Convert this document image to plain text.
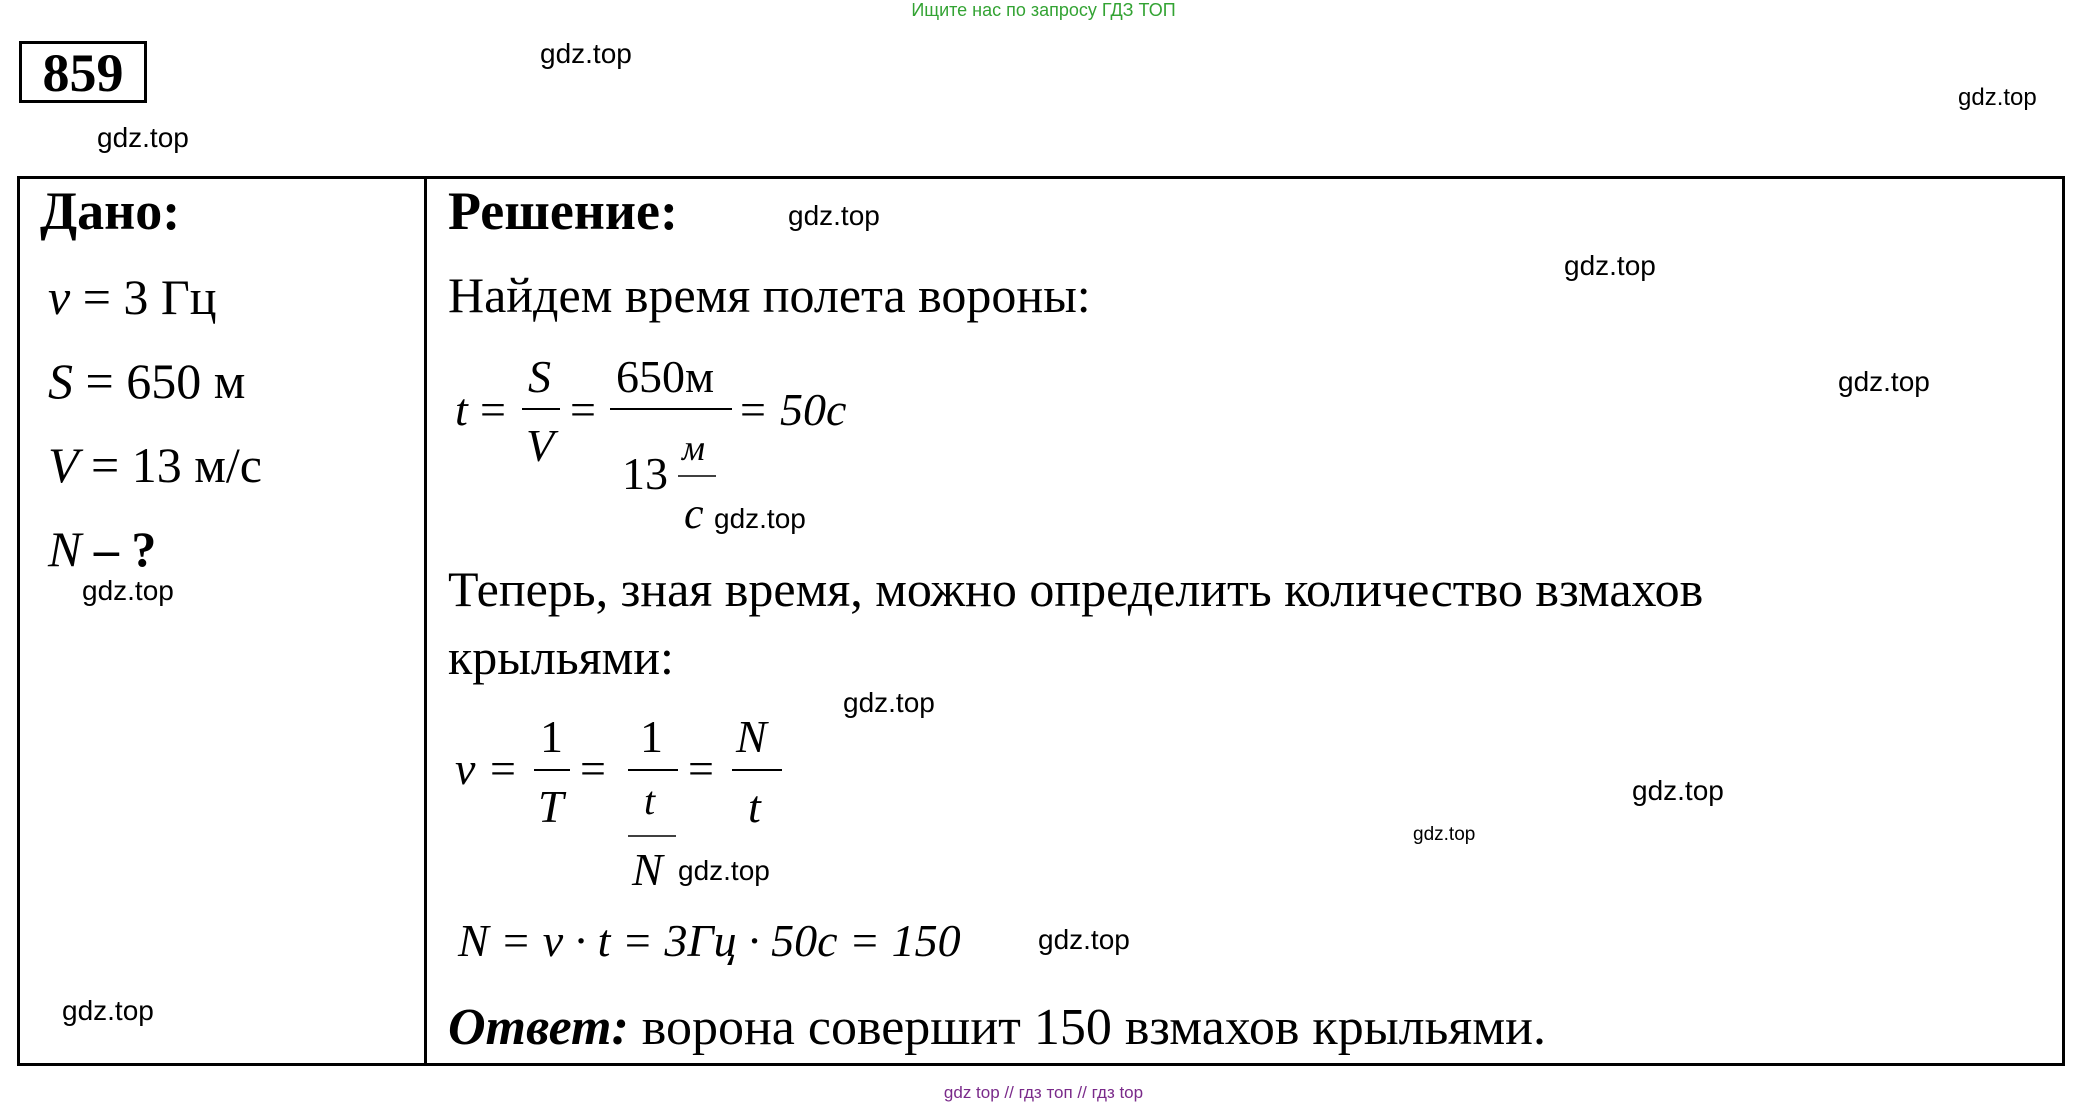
Ищите нас по запросу ГДЗ ТОП
859	gdz.top
gdz.top
gdz.top
Дано:
ν = 3 Гц
S = 650 м
V = 13 м/с
N – ?
gdz.top
gdz.top
Решение:	gdz.top
Найдем время полета вороны:
gdz.top
gdz.top
t =
S
V
=
650м
13 м
с
= 50с
gdz.top
Теперь, зная время, можно определить количество взмахов
крыльями:
gdz.top
ν =
1
T
=
1
t
N
=
N
t
gdz.top
gdz.top
gdz.top
N = ν · t = 3Гц · 50с = 150	gdz.top
Ответ: ворона совершит 150 взмахов крыльями.
gdz top // гдз топ // гдз top
